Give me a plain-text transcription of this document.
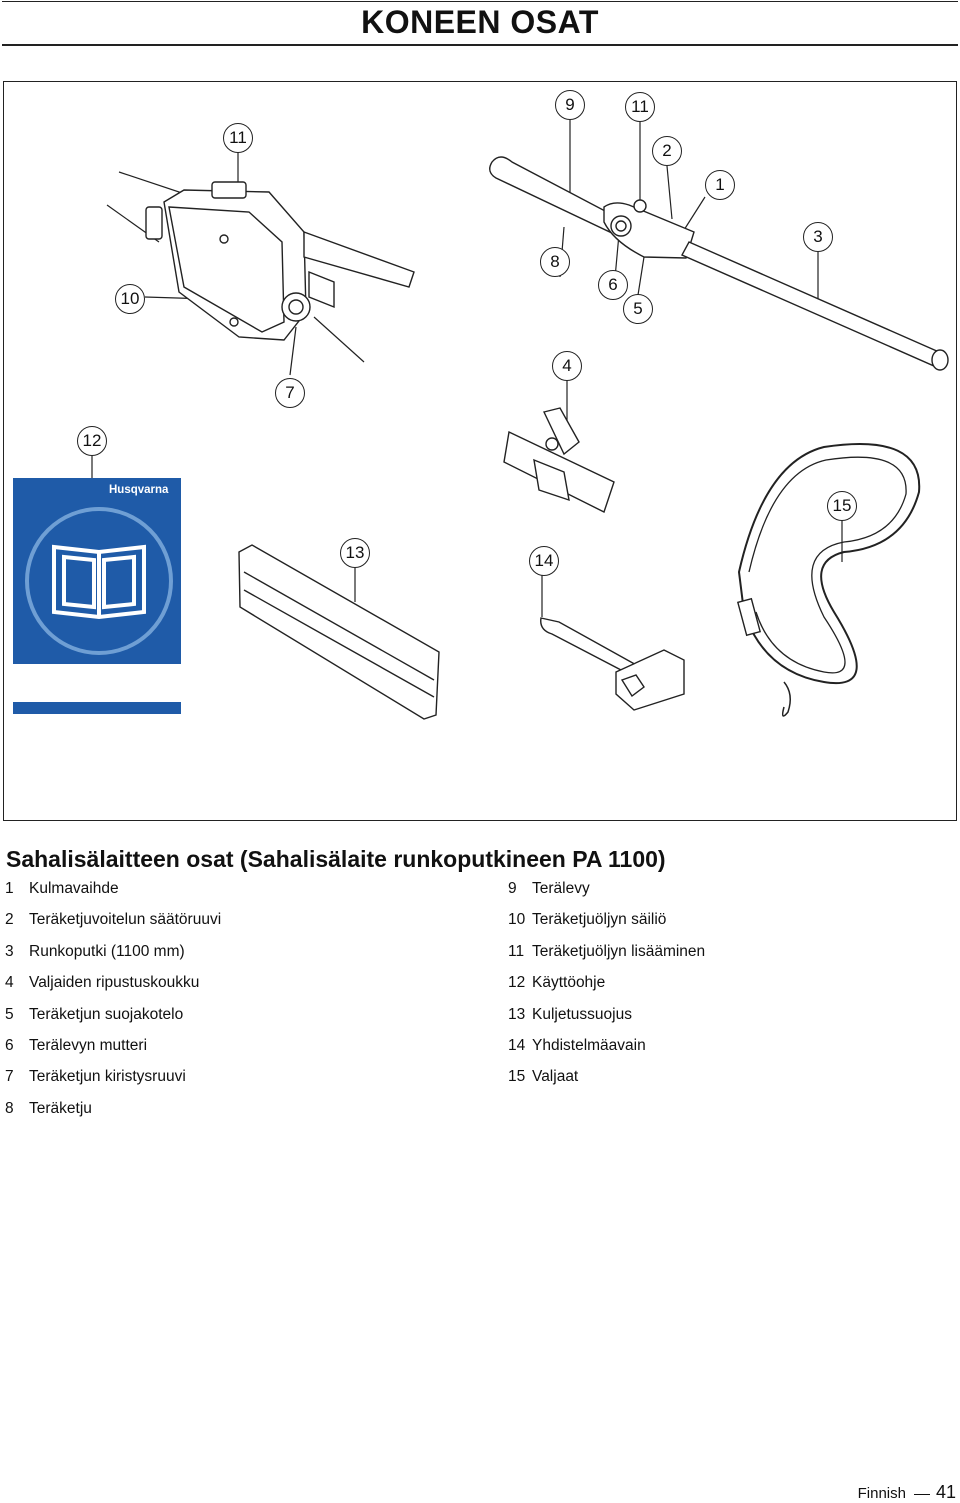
KONEEN OSAT
Husqvarna
11
9	11
2
1
3
8
6
5
10
7
4
12
15
13	14
Sahalisälaitteen osat (Sahalisälaite runkoputkineen PA 1100)
1 Kulmavaihde
2 Teräketjuvoitelun säätöruuvi
3 Runkoputki (1100 mm)
4 Valjaiden ripustuskoukku
5 Teräketjun suojakotelo
6 Terälevyn mutteri
7 Teräketjun kiristysruuvi
8 Teräketju
9 Terälevy
10 Teräketjuöljyn säiliö
11 Teräketjuöljyn lisääminen
12 Käyttöohje
13 Kuljetussuojus
14 Yhdistelmäavain
15 Valjaat
Finnish 41
